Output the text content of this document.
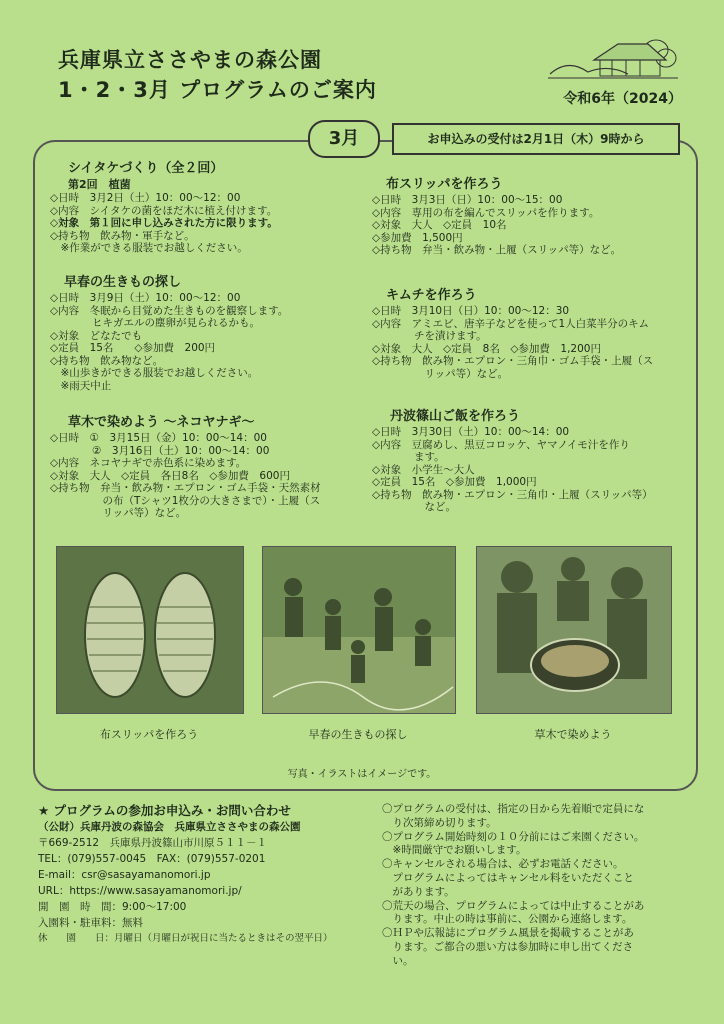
兵庫県立ささやまの森公園
1・2・3月 プログラムのご案内	令和6年（2024）
3月	お申込みの受付は2月1日（木）9時から
シイタケづくり（全２回）
第2回　植菌
◇日時　3月2日（土）10：00～12：00
◇内容　シイタケの菌をほだ木に植え付けます。
◇対象　第１回に申し込みされた方に限ります。
◇持ち物　飲み物・軍手など。
　※作業ができる服装でお越しください。
早春の生きもの探し
◇日時　3月9日（土）10：00～12：00
◇内容　冬眠から目覚めた生きものを観察します。
　　　　ヒキガエルの塵卵が見られるかも。
◇対象　どなたでも
◇定員　15名　　◇参加費　200円
◇持ち物　飲み物など。
　※山歩きができる服装でお越しください。
　※雨天中止
草木で染めよう ～ネコヤナギ～
◇日時　①　3月15日（金）10：00～14：00
　　　　②　3月16日（土）10：00～14：00
◇内容　ネコヤナギで赤色系に染めます。
◇対象　大人　◇定員　各日8名　◇参加費　600円
◇持ち物　弁当・飲み物・エプロン・ゴム手袋・天然素材
　　　　　の布（Tシャツ1枚分の大きさまで）・上履（ス
　　　　　リッパ等）など。
布スリッパを作ろう
◇日時　3月3日（日）10：00～15：00
◇内容　専用の布を編んでスリッパを作ります。
◇対象　大人　◇定員　10名
◇参加費　1,500円
◇持ち物　弁当・飲み物・上履（スリッパ等）など。
キムチを作ろう
◇日時　3月10日（日）10：00～12：30
◇内容　アミエビ、唐辛子などを使って1人白菜半分のキム
　　　　チを漬けます。
◇対象　大人　◇定員　8名　◇参加費　1,200円
◇持ち物　飲み物・エプロン・三角巾・ゴム手袋・上履（ス
　　　　　リッパ等）など。
丹波篠山ご飯を作ろう
◇日時　3月30日（土）10：00～14：00
◇内容　豆腐めし、黒豆コロッケ、ヤマノイモ汁を作り
　　　　ます。
◇対象　小学生～大人
◇定員　15名　◇参加費　1,000円
◇持ち物　飲み物・エプロン・三角巾・上履（スリッパ等）
　　　　　など。
布スリッパを作ろう	早春の生きもの探し	草木で染めよう
写真・イラストはイメージです。
★ プログラムの参加お申込み・お問い合わせ
（公財）兵庫丹波の森協会　兵庫県立ささやまの森公園
〒669-2512　兵庫県丹波篠山市川原５１１－１
TEL：(079)557-0045　FAX：(079)557-0201
E-mail：csr@sasayamanomori.jp
URL：https://www.sasayamanomori.jp/
開　園　時　間：9:00～17:00
入園料・駐車料：無料
休　　園　　日：月曜日（月曜日が祝日に当たるときはその翌平日）
〇プログラムの受付は、指定の日から先着順で定員にな
　り次第締め切ります。
〇プログラム開始時刻の１０分前にはご来園ください。
　※時間厳守でお願いします。
〇キャンセルされる場合は、必ずお電話ください。
　プログラムによってはキャンセル料をいただくこと
　があります。
〇荒天の場合、プログラムによっては中止することがあ
　ります。中止の時は事前に、公園から連絡します。
〇ＨＰや広報誌にプログラム風景を掲載することがあ
　ります。ご都合の悪い方は参加時に申し出てくださ
　い。
